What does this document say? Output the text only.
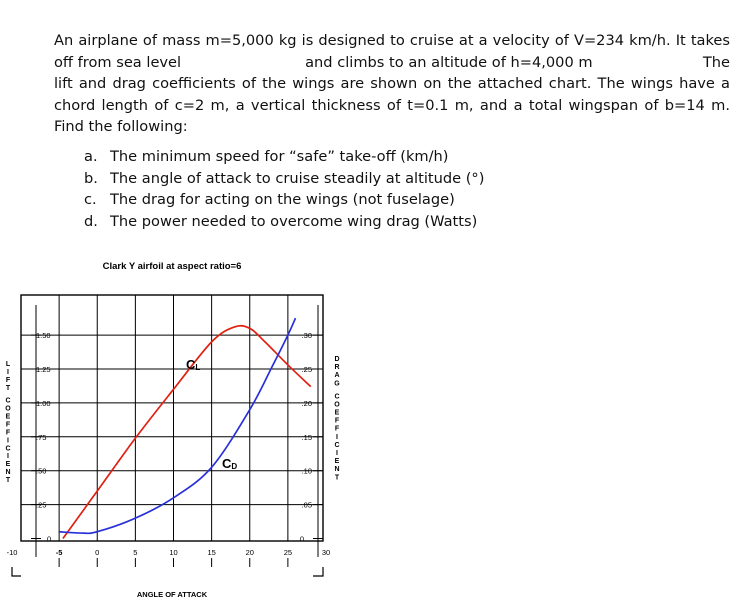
An airplane of mass m=5,000 kg is designed to cruise at a velocity of V=234 km/h. It takes

off from sea level	and climbs to an altitude of h=4,000 m	The

lift and drag coefficients of the wings are shown on the attached chart. The wings have a

chord length of c=2 m, a vertical thickness of t=0.1 m, and a total wingspan of b=14 m.

Find the following:

a. The minimum speed for “safe” take-off (km/h)
b. The angle of attack to cruise steadily at altitude (°)
c. The drag for acting on the wings (not fuselage)
d. The power needed to overcome wing drag (Watts)
Clark Y airfoil at aspect ratio=6
0
.25
.50
.75
1.00
1.25
1.50
0
.05
.10
.15
.20
.25
.30
-10	-5	0	5	10	15	20	25	30
ANGLE OF ATTACK
L I F T C O E F F I C I E N T
D R A G C O E F F I C I E N T
CL
CD
